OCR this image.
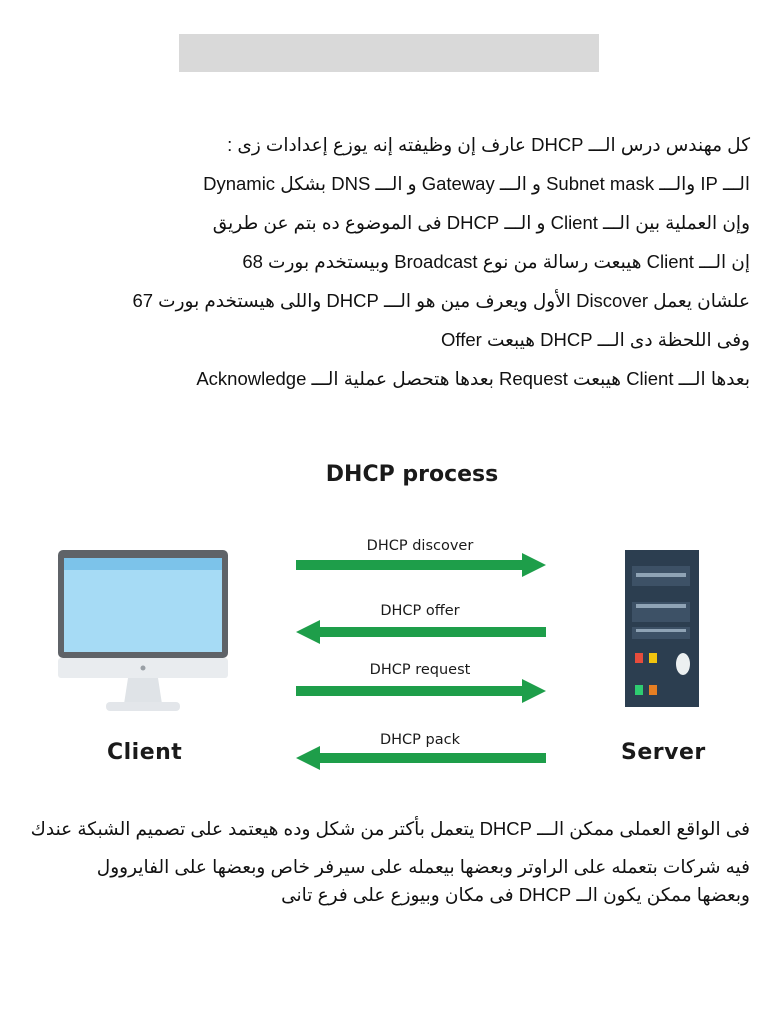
كل مهندس درس الـــ DHCP عارف إن وظيفته إنه يوزع إعدادات زى :
الـــ IP والـــ Subnet mask و الـــ Gateway و الـــ DNS بشكل Dynamic
وإن العملية بين الـــ Client و الـــ DHCP فى الموضوع ده بتم عن طريق
إن الـــ Client هيبعت رسالة من نوع Broadcast وبيستخدم بورت 68
علشان يعمل Discover الأول ويعرف مين هو الـــ DHCP واللى هيستخدم بورت 67
وفى اللحظة دى الـــ DHCP هيبعت Offer
بعدها الـــ Client هيبعت Request بعدها هتحصل عملية الـــ Acknowledge
DHCP process
DHCP discover
DHCP offer
DHCP request
DHCP pack
Client	Server
فى الواقع العملى ممكن الـــ DHCP يتعمل بأكتر من شكل وده هيعتمد على تصميم الشبكة عندك
فيه شركات بتعمله على الراوتر وبعضها بيعمله على سيرفر خاص وبعضها على الفايروول
وبعضها ممكن يكون الــ DHCP فى مكان وبيوزع على فرع تانى
